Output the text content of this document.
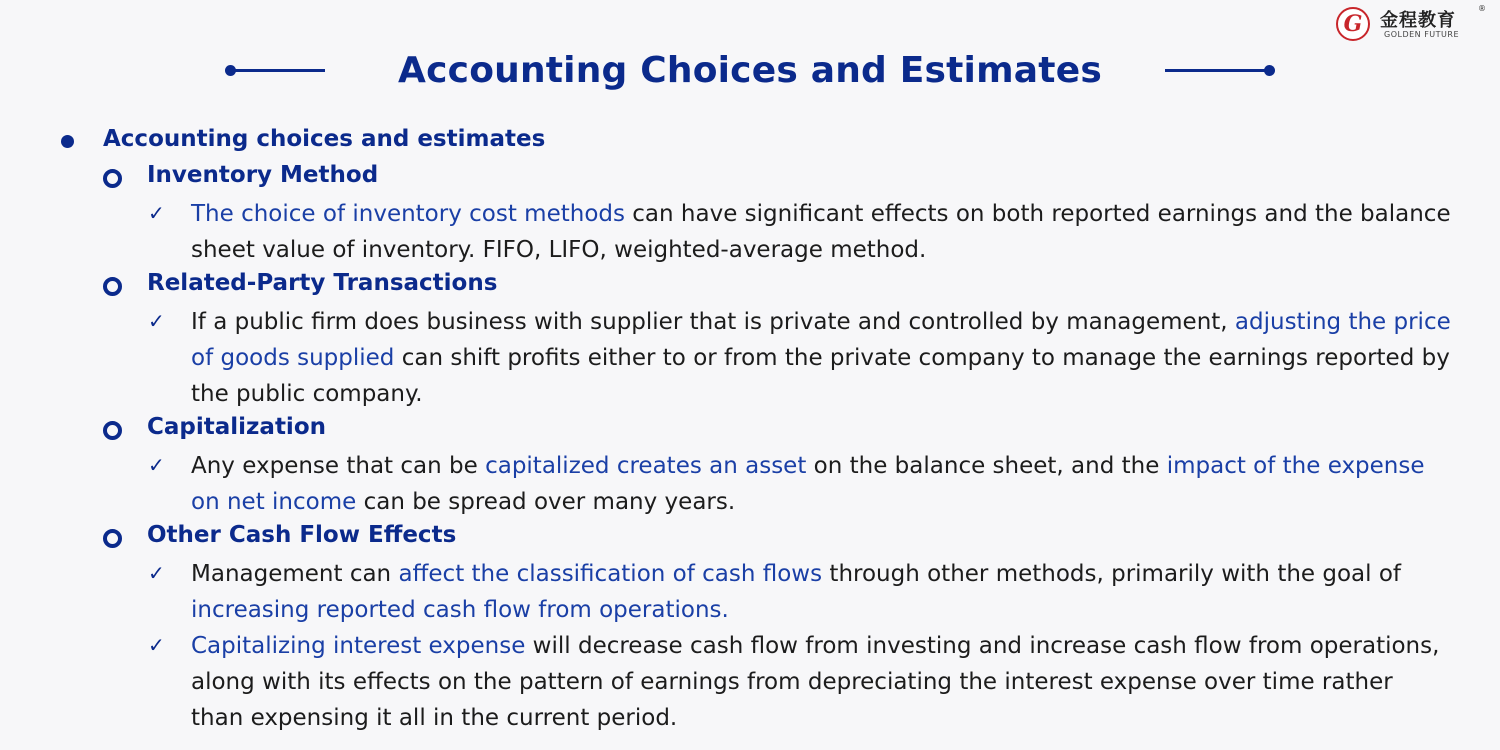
G 金程教育
®
GOLDEN FUTURE
Accounting Choices and Estimates
Accounting choices and estimates
Inventory Method
✓ The choice of inventory cost methods can have significant effects on both reported earnings and the balance sheet value of inventory. FIFO, LIFO, weighted-average method.
Related-Party Transactions
✓ If a public firm does business with supplier that is private and controlled by management, adjusting the price of goods supplied can shift profits either to or from the private company to manage the earnings reported by the public company.
Capitalization
✓ Any expense that can be capitalized creates an asset on the balance sheet, and the impact of the expense on net income can be spread over many years.
Other Cash Flow Effects
✓ Management can affect the classification of cash flows through other methods, primarily with the goal of increasing reported cash flow from operations.
✓ Capitalizing interest expense will decrease cash flow from investing and increase cash flow from operations, along with its effects on the pattern of earnings from depreciating the interest expense over time rather than expensing it all in the current period.
